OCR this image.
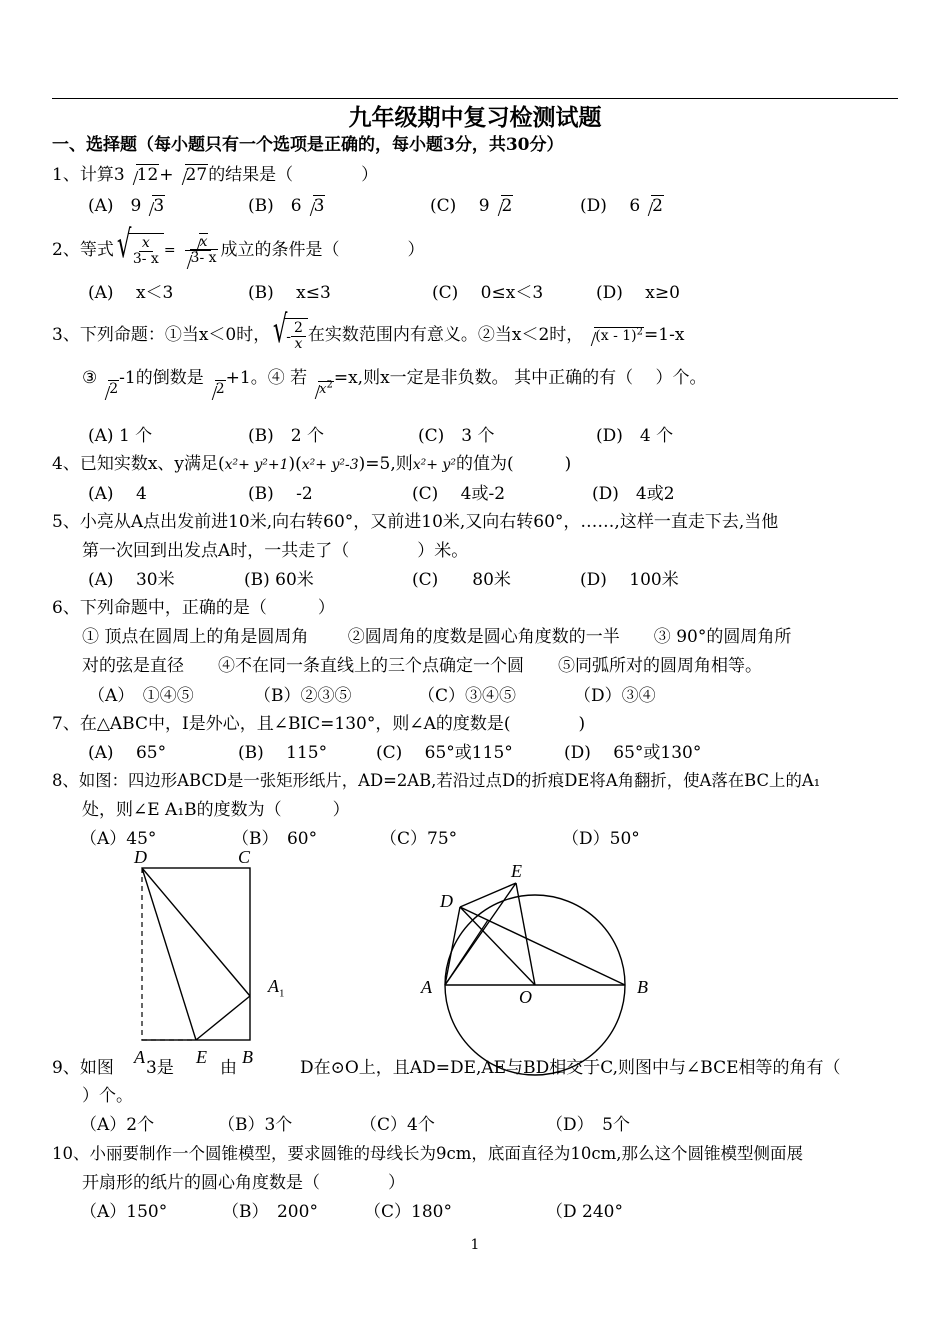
九年级期中复习检测试题
一、选择题（每小题只有一个选项是正确的，每小题3分，共30分）
1、计算3 12+ 27的结果是（　　　　）
(A)　 9 3	(B)　 6 3	(C)　 9 2	(D)　 6 2
2、等式 √ $\frac{x}{3- x} = \frac{x}{3- x}$ 成立的条件是（　　　　）
(A)　 x＜3	(B)　 x≤3	(C)　 0≤x＜3	(D)　 x≥0
3、下列命题：①当x＜0时， √ - $\frac{2}{x}$ 在实数范围内有意义。②当x＜2时， (x - 1)$^2$=1-x
③2-1的倒数是2+1。④ 若$x^2=x$,则x一定是非负数。 其中正确的有（　 ）个。
(A) 1 个	(B)　2 个	(C)　3 个	(D)　4 个
4、已知实数x、y满足(x²+ y²+1)(x²+ y²-3)=5,则x²+ y²的值为(　　　)
(A)　 4	(B)　 -2	(C)　 4或-2	(D)　4或2
5、小亮从A点出发前进10米,向右转60°，又前进10米,又向右转60°，……,这样一直走下去,当他
第一次回到出发点A时，一共走了（　　　　）米。
(A)　 30米	(B) 60米	(C)　　80米	(D)　 100米
6、下列命题中，正确的是（　　　）
① 顶点在圆周上的角是圆周角　　 ②圆周角的度数是圆心角度数的一半　　③ 90°的圆周角所
对的弦是直径　　④不在同一条直线上的三个点确定一个圆　　⑤同弧所对的圆周角相等。
（A）　①④⑤	（B）②③⑤	（C）③④⑤	（D）③④
7、在△ABC中，I是外心，且∠BIC=130°，则∠A的度数是(　　　　)
(A)　 65°	(B)　 115°	(C)　 65°或115°	(D)　 65°或130°
8、如图：四边形ABCD是一张矩形纸片，AD=2AB,若沿过点D的折痕DE将A角翻折，使A落在BC上的A₁
处，则∠E A₁B的度数为（　　　）
（A）45°	（B）　60°	（C）75°	（D）50°
D	C
$A_1$
E
D
A	O	B
9、如图 3是	由	D在⊙O上，且AD=DE,AE与BD相交于C,则图中与∠BCE相等的角有（
A	E B
）个。
（A）2个	（B）3个	（C）4个	（D）　5个
10、小丽要制作一个圆锥模型，要求圆锥的母线长为9cm，底面直径为10cm,那么这个圆锥模型侧面展
开扇形的纸片的圆心角度数是（　　　　）
（A）150°	（B）　200°	（C）180°	（D 240°
1
